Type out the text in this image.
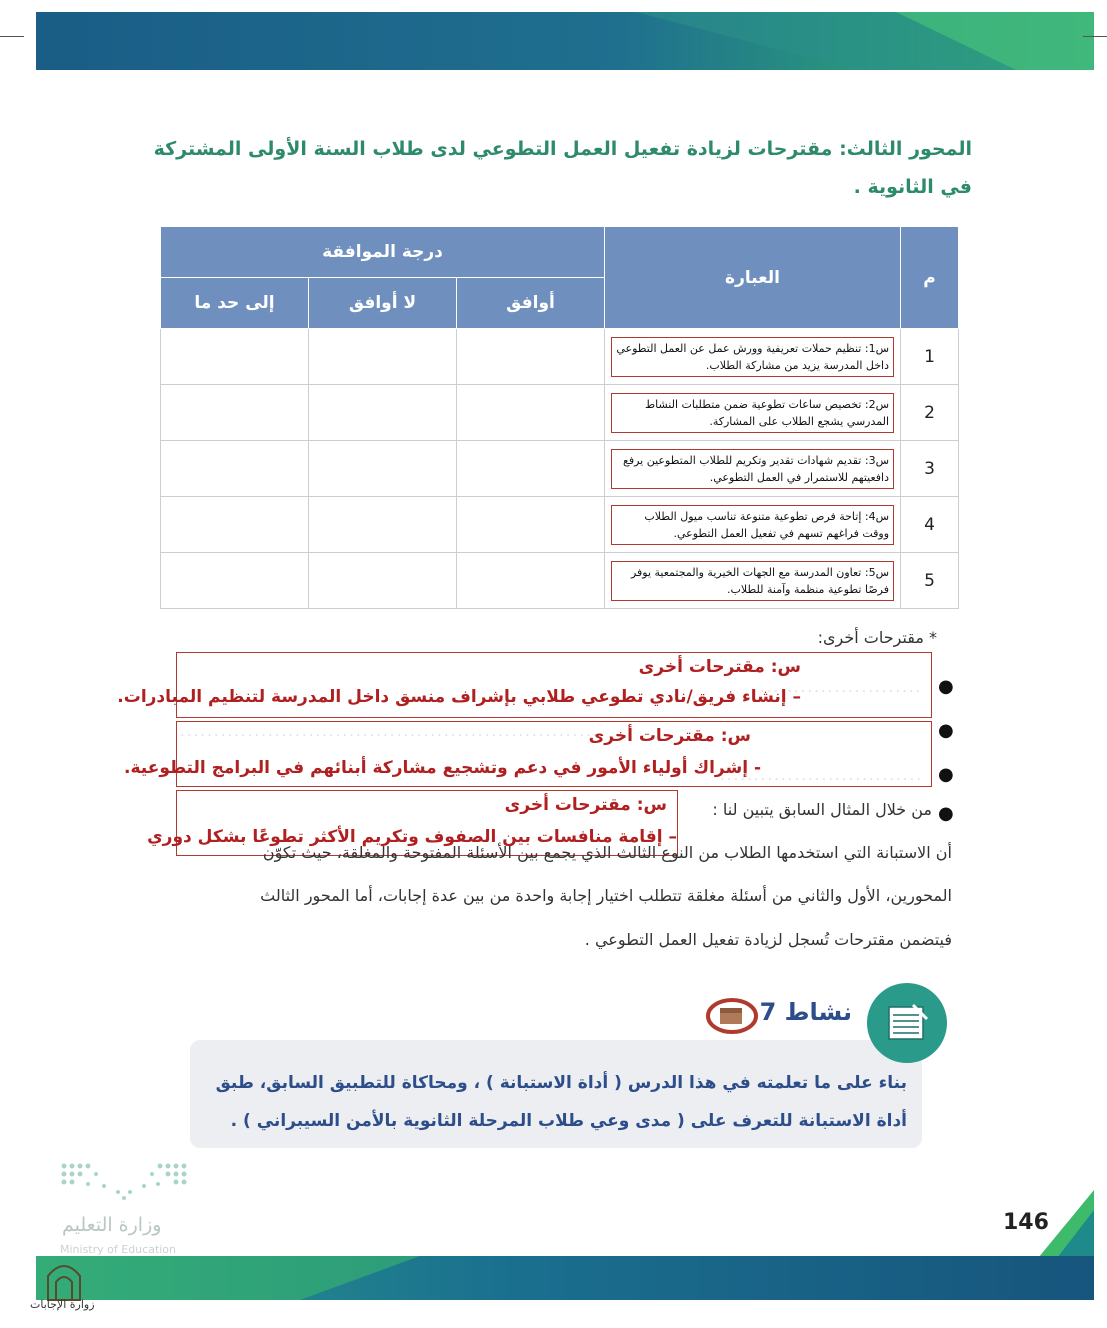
المحور الثالث: مقترحات لزيادة تفعيل العمل التطوعي لدى طلاب السنة الأولى المشتركة
في الثانوية .
م	العبارة	درجة الموافقة		
		أوافق	لا أوافق	إلى حد ما
1	س1: تنظيم حملات تعريفية وورش عمل عن العمل التطوعي داخل المدرسة يزيد من مشاركة الطلاب.			

2	س2: تخصيص ساعات تطوعية ضمن متطلبات النشاط المدرسي يشجع الطلاب على المشاركة.			

3	س3: تقديم شهادات تقدير وتكريم للطلاب المتطوعين يرفع دافعيتهم للاستمرار في العمل التطوعي.			

4	س4: إتاحة فرص تطوعية متنوعة تناسب ميول الطلاب ووقت فراغهم تسهم في تفعيل العمل التطوعي.			

5	س5: تعاون المدرسة مع الجهات الخيرية والمجتمعية يوفر فرصًا تطوعية منظمة وآمنة للطلاب.			

* مقترحات أخرى:
●
●
●
●
س: مقترحات أخرى
– إنشاء فريق/نادي تطوعي طلابي بإشراف منسق داخل المدرسة لتنظيم المبادرات.
س: مقترحات أخرى
- إشراك أولياء الأمور في دعم وتشجيع مشاركة أبنائهم في البرامج التطوعية.
س: مقترحات أخرى
– إقامة منافسات بين الصفوف وتكريم الأكثر تطوعًا بشكل دوري
من خلال المثال السابق يتبين لنا :
أن الاستبانة التي استخدمها الطلاب من النوع الثالث الذي يجمع بين الأسئلة المفتوحة والمغلقة، حيث تكوّن
المحورين، الأول والثاني من أسئلة مغلقة تتطلب اختيار إجابة واحدة من بين عدة إجابات، أما المحور الثالث
فيتضمن مقترحات تُسجل لزيادة تفعيل العمل التطوعي .
نشاط 7
بناء على ما تعلمته في هذا الدرس ( أداة الاستبانة ) ، ومحاكاة للتطبيق السابق، طبق
أداة الاستبانة للتعرف على ( مدى وعي طلاب المرحلة الثانوية بالأمن السيبراني ) .
وزارة التعليم
Ministry of Education
146
زوارة الإجابات
